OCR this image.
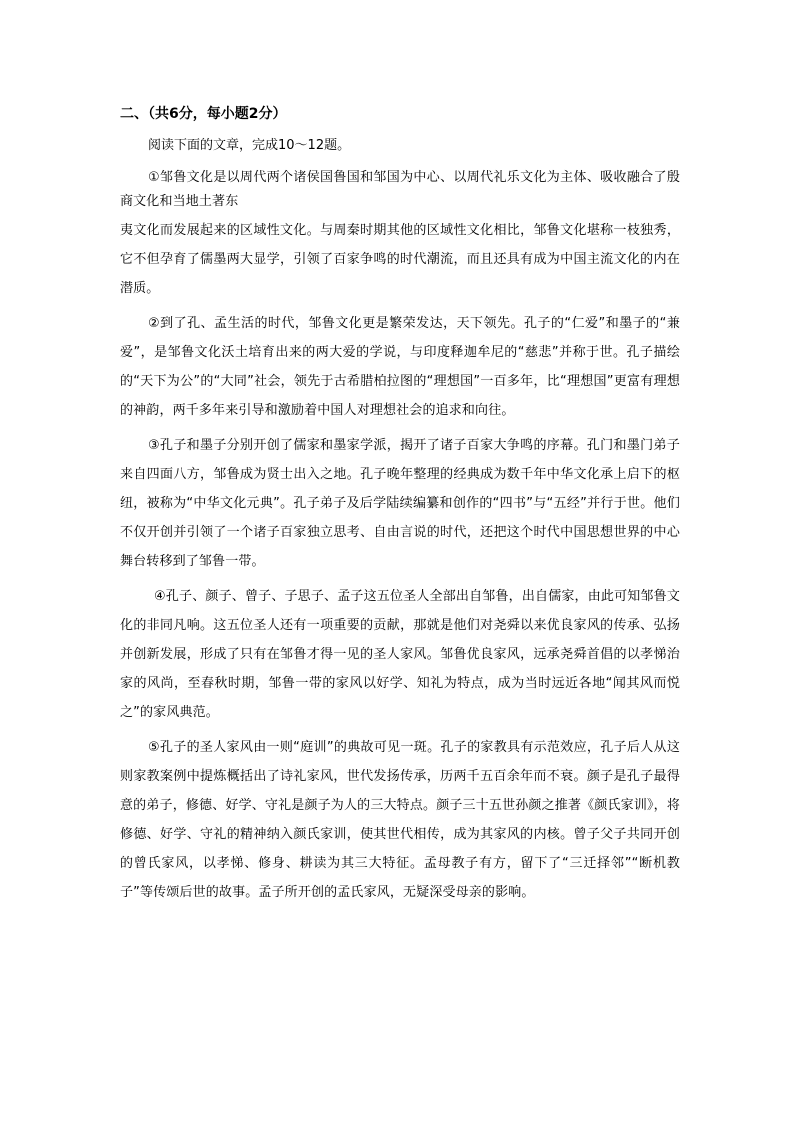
二、（共6分，每小题2分）
阅读下面的文章，完成10～12题。

①邹鲁文化是以周代两个诸侯国鲁国和邹国为中心、以周代礼乐文化为主体、吸收融合了殷商文化和当地土著东

夷文化而发展起来的区域性文化。与周秦时期其他的区域性文化相比，邹鲁文化堪称一枝独秀，它不但孕育了儒墨两大显学，引领了百家争鸣的时代潮流，而且还具有成为中国主流文化的内在潜质。

②到了孔、孟生活的时代，邹鲁文化更是繁荣发达，天下领先。孔子的“仁爱”和墨子的“兼爱”，是邹鲁文化沃土培育出来的两大爱的学说，与印度释迦牟尼的“慈悲”并称于世。孔子描绘的“天下为公”的“大同”社会，领先于古希腊柏拉图的“理想国”一百多年，比“理想国”更富有理想的神韵，两千多年来引导和激励着中国人对理想社会的追求和向往。

③孔子和墨子分别开创了儒家和墨家学派，揭开了诸子百家大争鸣的序幕。孔门和墨门弟子来自四面八方，邹鲁成为贤士出入之地。孔子晚年整理的经典成为数千年中华文化承上启下的枢纽，被称为“中华文化元典”。孔子弟子及后学陆续编纂和创作的“四书”与“五经”并行于世。他们不仅开创并引领了一个诸子百家独立思考、自由言说的时代，还把这个时代中国思想世界的中心舞台转移到了邹鲁一带。

④孔子、颜子、曾子、子思子、孟子这五位圣人全部出自邹鲁，出自儒家，由此可知邹鲁文化的非同凡响。这五位圣人还有一项重要的贡献，那就是他们对尧舜以来优良家风的传承、弘扬并创新发展，形成了只有在邹鲁才得一见的圣人家风。邹鲁优良家风，远承尧舜首倡的以孝悌治家的风尚，至春秋时期，邹鲁一带的家风以好学、知礼为特点，成为当时远近各地“闻其风而悦之”的家风典范。

⑤孔子的圣人家风由一则“庭训”的典故可见一斑。孔子的家教具有示范效应，孔子后人从这则家教案例中提炼概括出了诗礼家风，世代发扬传承，历两千五百余年而不衰。颜子是孔子最得意的弟子，修德、好学、守礼是颜子为人的三大特点。颜子三十五世孙颜之推著《颜氏家训》，将修德、好学、守礼的精神纳入颜氏家训，使其世代相传，成为其家风的内核。曾子父子共同开创的曾氏家风，以孝悌、修身、耕读为其三大特征。孟母教子有方，留下了“三迁择邻”“断机教子”等传颂后世的故事。孟子所开创的孟氏家风，无疑深受母亲的影响。
